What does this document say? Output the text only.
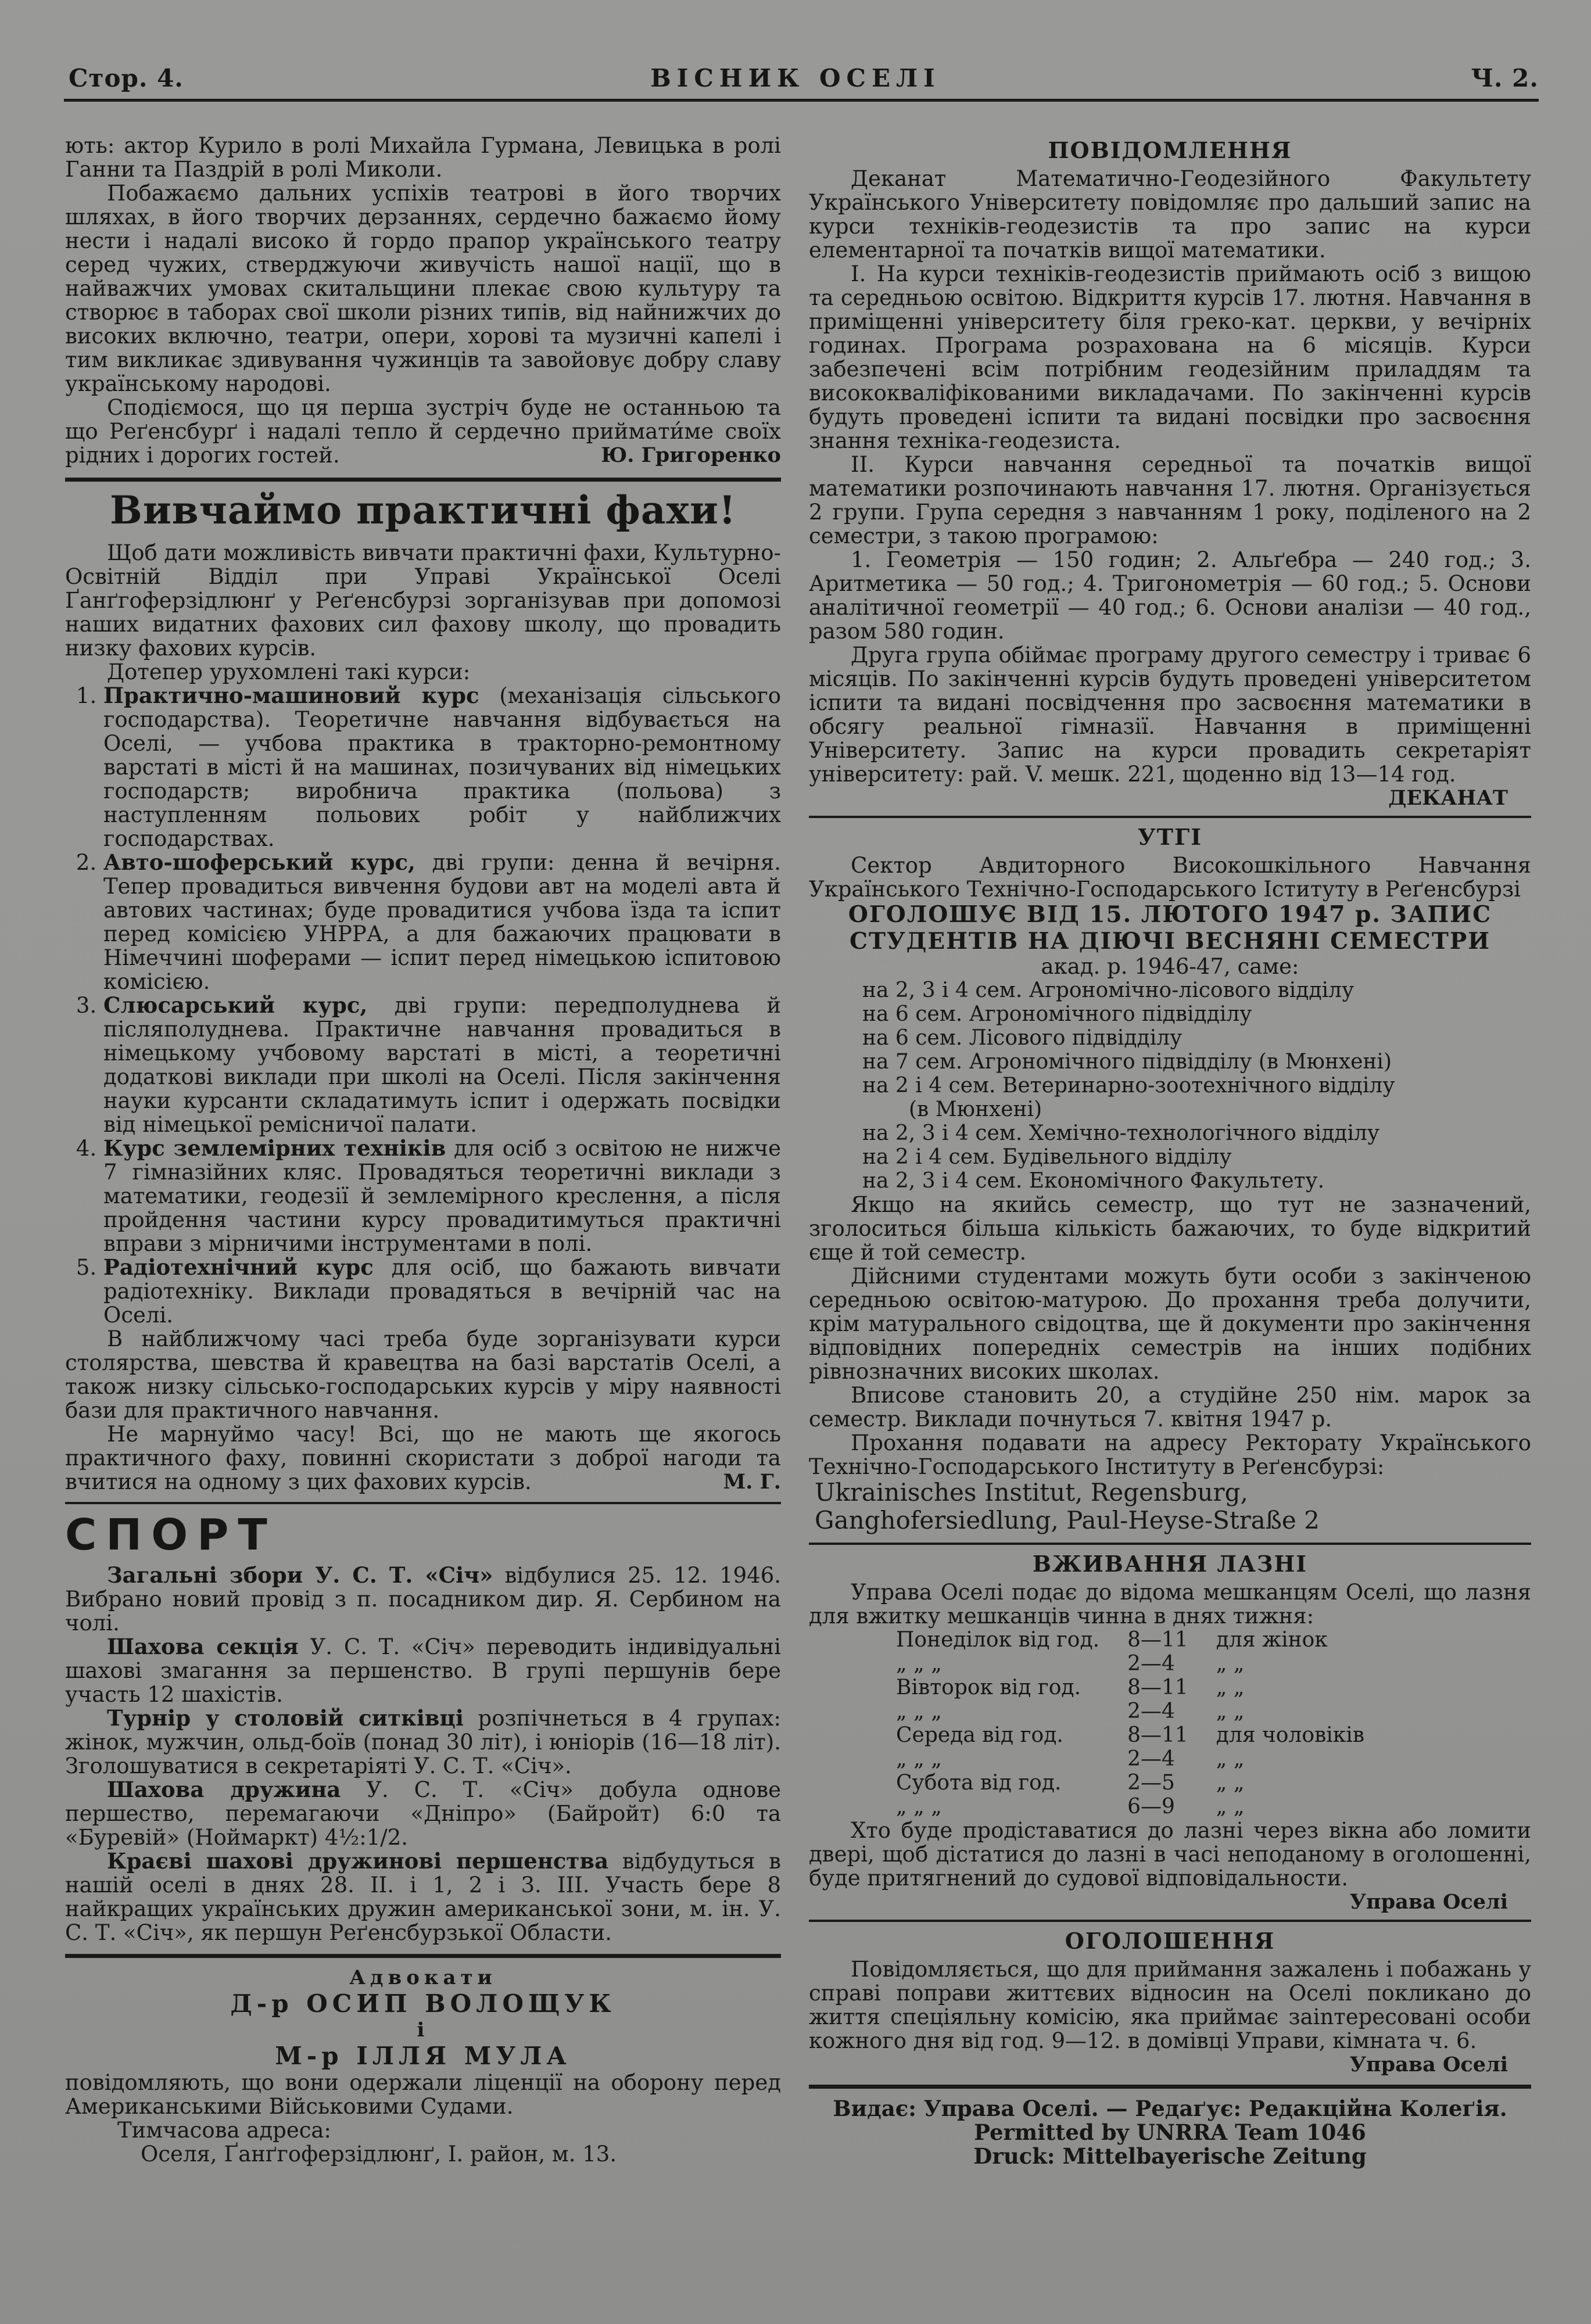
Стор. 4.	ВІСНИК ОСЕЛІ	Ч. 2.

ють: актор Курило в ролі Михайла Гурмана, Левицька в ролі Ганни та Паздрій в ролі Миколи.

Побажаємо дальних успіхів театрові в його творчих шляхах, в його творчих дерзаннях, сердечно бажаємо йому нести і надалі високо й гордо прапор українського театру серед чужих, стверджуючи живучість нашої нації, що в найважчих умовах скитальщини плекає свою культуру та створює в таборах свої школи різних типів, від найнижчих до високих включно, театри, опери, хорові та музичні капелі і тим викликає здивування чужинців та завойовує добру славу українському народові.

Сподіємося, що ця перша зустріч буде не останньою та що Реґенсбурґ і надалі тепло й сердечно приймати́ме своїх рідних і дорогих гостей.	Ю. Григоренко

Вивчаймо практичні фахи!

Щоб дати можливість вивчати практичні фахи, Культурно-Освітній Відділ при Управі Української Оселі Ґанґгоферзідлюнґ у Реґенсбурзі зорганізував при допомозі наших видатних фахових сил фахову школу, що провадить низку фахових курсів.

Дотепер урухомлені такі курси:

1. Практично-машиновий курс (механізація сільського господарства). Теоретичне навчання відбувається на Оселі, — учбова практика в тракторно-ремонтному варстаті в місті й на машинах, позичуваних від німецьких господарств; виробнича практика (польова) з наступленням польових робіт у найближчих господарствах.
2. Авто-шоферський курс, дві групи: денна й вечірня. Тепер провадиться вивчення будови авт на моделі авта й автових частинах; буде провадитися учбова їзда та іспит перед комісією УНРРА, а для бажаючих працювати в Німеччині шоферами — іспит перед німецькою іспитовою комісією.
3. Слюсарський курс, дві групи: передполуднева й післяполуднева. Практичне навчання провадиться в німецькому учбовому варстаті в місті, а теоретичні додаткові виклади при школі на Оселі. Після закінчення науки курсанти складатимуть іспит і одержать посвідки від німецької ремісничої палати.
4. Курс землемірних техніків для осіб з освітою не нижче 7 гімназійних кляс. Провадяться теоретичні виклади з математики, геодезії й землемірного креслення, а після пройдення частини курсу провадитимуться практичні вправи з мірничими інструментами в полі.
5. Радіотехнічний курс для осіб, що бажають вивчати радіотехніку. Виклади провадяться в вечірній час на Оселі.

В найближчому часі треба буде зорганізувати курси столярства, шевства й кравецтва на базі варстатів Оселі, а також низку сільсько-господарських курсів у міру наявності бази для практичного навчання.

Не марнуймо часу! Всі, що не мають ще якогось практичного фаху, повинні скористати з доброї нагоди та вчитися на одному з цих фахових курсів.	М. Г.

СПОРТ

Загальні збори У. С. Т. «Січ» відбулися 25. 12. 1946. Вибрано новий провід з п. посадником дир. Я. Сербином на чолі.

Шахова секція У. С. Т. «Січ» переводить індивідуальні шахові змагання за першенство. В групі першунів бере участь 12 шахістів.

Турнір у столовій ситківці розпічнеться в 4 групах: жінок, мужчин, ольд-боїв (понад 30 літ), і юніорів (16—18 літ). Зголошуватися в секретаріяті У. С. Т. «Січ».

Шахова дружина У. С. Т. «Січ» добула однове першество, перемагаючи «Дніпро» (Байройт) 6:0 та «Буревій» (Ноймаркт) 4½:1/2.

Краєві шахові дружинові першенства відбудуться в нашій оселі в днях 28. II. і 1, 2 і 3. III. Участь бере 8 найкращих українських дружин американської зони, м. ін. У. С. Т. «Січ», як першун Реґенсбурзької Области.

Адвокати
Д-р ОСИП ВОЛОЩУК
і
М-р ІЛЛЯ МУЛА

повідомляють, що вони одержали ліценції на оборону перед Американськими Військовими Судами.

Тимчасова адреса:

Оселя, Ґанґгоферзідлюнґ, І. район, м. 13.

ПОВІДОМЛЕННЯ

Деканат Математично-Геодезійного Факультету Українського Університету повідомляє про дальший запис на курси техніків-геодезистів та про запис на курси елементарної та початків вищої математики.

І. На курси техніків-геодезистів приймають осіб з вищою та середньою освітою. Відкриття курсів 17. лютня. Навчання в приміщенні університету біля греко-кат. церкви, у вечірніх годинах. Програма розрахована на 6 місяців. Курси забезпечені всім потрібним геодезійним приладдям та висококваліфікованими викладачами. По закінченні курсів будуть проведені іспити та видані посвідки про засвоєння знання техніка-геодезиста.

ІІ. Курси навчання середньої та початків вищої математики розпочинають навчання 17. лютня. Організується 2 групи. Група середня з навчанням 1 року, поділеного на 2 семестри, з такою програмою:

1. Геометрія — 150 годин; 2. Альґебра — 240 год.; 3. Аритметика — 50 год.; 4. Тригонометрія — 60 год.; 5. Основи аналітичної геометрії — 40 год.; 6. Основи аналізи — 40 год., разом 580 годин.

Друга група обіймає програму другого семестру і триває 6 місяців. По закінченні курсів будуть проведені університетом іспити та видані посвідчення про засвоєння математики в обсягу реальної гімназії. Навчання в приміщенні Університету. Запис на курси провадить секретаріят університету: рай. V. мешк. 221, щоденно від 13—14 год.

ДЕКАНАТ

УТГІ

Сектор Авдиторного Високошкільного Навчання Українського Технічно-Господарського Іституту в Реґенсбурзі

ОГОЛОШУЄ ВІД 15. ЛЮТОГО 1947 р. ЗАПИС
СТУДЕНТІВ НА ДІЮЧІ ВЕСНЯНІ СЕМЕСТРИ

акад. р. 1946-47, саме:

на 2, 3 і 4 сем. Агрономічно-лісового відділу
на 6 сем. Агрономічного підвідділу
на 6 сем. Лісового підвідділу
на 7 сем. Агрономічного підвідділу (в Мюнхені)
на 2 і 4 сем. Ветеринарно-зоотехнічного відділу
(в Мюнхені)
на 2, 3 і 4 сем. Хемічно-технологічного відділу
на 2 і 4 сем. Будівельного відділу
на 2, 3 і 4 сем. Економічного Факультету.

Якщо на якийсь семестр, що тут не зазначений, зголоситься більша кількість бажаючих, то буде відкритий єще й той семестр.

Дійсними студентами можуть бути особи з закінченою середньою освітою-матурою. До прохання треба долучити, крім матурального свідоцтва, ще й документи про закінчення відповідних попередніх семестрів на інших подібних рівнозначних високих школах.

Вписове становить 20, а студійне 250 нім. марок за семестр. Виклади почнуться 7. квітня 1947 р.

Прохання подавати на адресу Ректорату Українського Технічно-Господарського Інституту в Реґенсбурзі:

Ukrainisches Institut, Regensburg,
Ganghofersiedlung, Paul-Heyse-Straße 2
ВЖИВАННЯ ЛАЗНІ

Управа Оселі подає до відома мешканцям Оселі, що лазня для вжитку мешканців чинна в днях тижня:

Понеділок від год.	8—11	для жінок
„ „ „	2—4	„ „
Вівторок від год.	8—11	„ „
„ „ „	2—4	„ „
Середа від год.	8—11	для чоловіків
„ „ „	2—4	„ „
Субота від год.	2—5	„ „
„ „ „	6—9	„ „

Хто буде продіставатися до лазні через вікна або ломити двері, щоб дістатися до лазні в часі неподаному в оголошенні, буде притягнений до судової відповідальности.

Управа Оселі

ОГОЛОШЕННЯ

Повідомляється, що для приймання зажалень і побажань у справі поправи життєвих відносин на Оселі покликано до життя спеціяльну комісію, яка приймає зainтересовані особи кожного дня від год. 9—12. в домівці Управи, кімната ч. 6.

Управа Оселі

Видає: Управа Оселі. — Редаґує: Редакційна Колеґія.

Permitted by UNRRA Team 1046

Druck: Mittelbayerische Zeitung
